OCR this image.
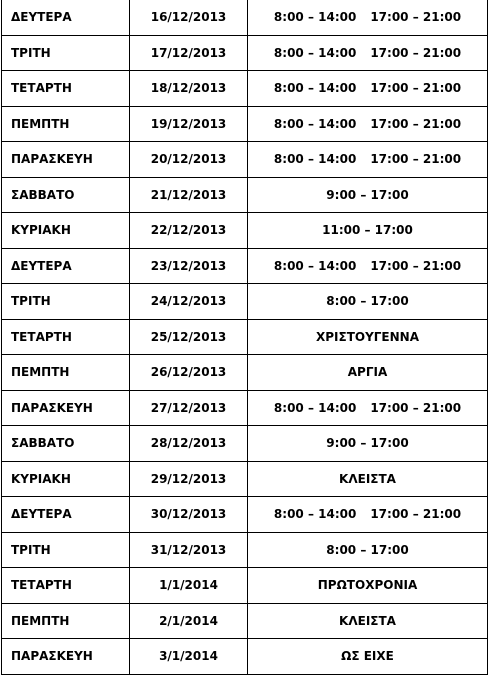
ΔΕΥΤΕΡΑ	16/12/2013	8:00 – 14:00 17:00 – 21:00
ΤΡΙΤΗ	17/12/2013	8:00 – 14:00 17:00 – 21:00
ΤΕΤΑΡΤΗ	18/12/2013	8:00 – 14:00 17:00 – 21:00
ΠΕΜΠΤΗ	19/12/2013	8:00 – 14:00 17:00 – 21:00
ΠΑΡΑΣΚΕΥΗ	20/12/2013	8:00 – 14:00 17:00 – 21:00
ΣΑΒΒΑΤΟ	21/12/2013	9:00 – 17:00
ΚΥΡΙΑΚΗ	22/12/2013	11:00 – 17:00
ΔΕΥΤΕΡΑ	23/12/2013	8:00 – 14:00 17:00 – 21:00
ΤΡΙΤΗ	24/12/2013	8:00 – 17:00
ΤΕΤΑΡΤΗ	25/12/2013	ΧΡΙΣΤΟΥΓΕΝΝΑ
ΠΕΜΠΤΗ	26/12/2013	ΑΡΓΙΑ
ΠΑΡΑΣΚΕΥΗ	27/12/2013	8:00 – 14:00 17:00 – 21:00
ΣΑΒΒΑΤΟ	28/12/2013	9:00 – 17:00
ΚΥΡΙΑΚΗ	29/12/2013	ΚΛΕΙΣΤΑ
ΔΕΥΤΕΡΑ	30/12/2013	8:00 – 14:00 17:00 – 21:00
ΤΡΙΤΗ	31/12/2013	8:00 – 17:00
ΤΕΤΑΡΤΗ	1/1/2014	ΠΡΩΤΟΧΡΟΝΙΑ
ΠΕΜΠΤΗ	2/1/2014	ΚΛΕΙΣΤΑ
ΠΑΡΑΣΚΕΥΗ	3/1/2014	ΩΣ ΕΙΧΕ
